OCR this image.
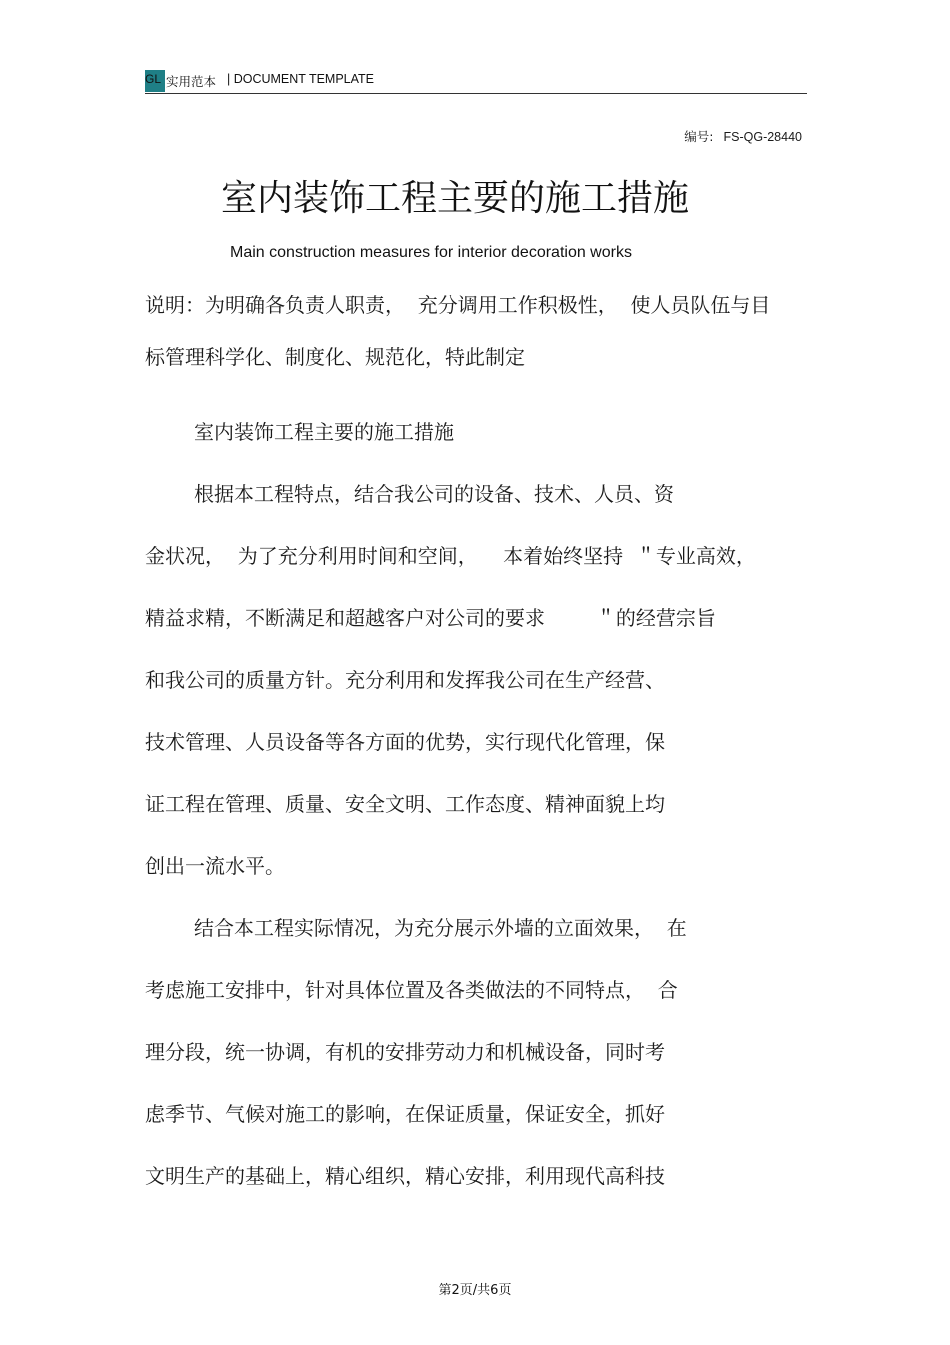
GL 实用范本 | DOCUMENT TEMPLATE
编号: FS-QG-28440
室内装饰工程主要的施工措施
Main construction measures for interior decoration works
说明：为明确各负责人职责，  充分调用工作积极性，  使人员队伍与目
标管理科学化、制度化、规范化，特此制定
室内装饰工程主要的施工措施
根据本工程特点，结合我公司的设备、技术、人员、资
金状况，  为了充分利用时间和空间，    本着始终坚持  ＂专业高效，
精益求精，不断满足和超越客户对公司的要求        ＂的经营宗旨
和我公司的质量方针。充分利用和发挥我公司在生产经营、
技术管理、人员设备等各方面的优势，实行现代化管理，保
证工程在管理、质量、安全文明、工作态度、精神面貌上均
创出一流水平。
结合本工程实际情况，为充分展示外墙的立面效果，  在
考虑施工安排中，针对具体位置及各类做法的不同特点，  合
理分段，统一协调，有机的安排劳动力和机械设备，同时考
虑季节、气候对施工的影响，在保证质量，保证安全，抓好
文明生产的基础上，精心组织，精心安排，利用现代高科技
第2页/共6页
